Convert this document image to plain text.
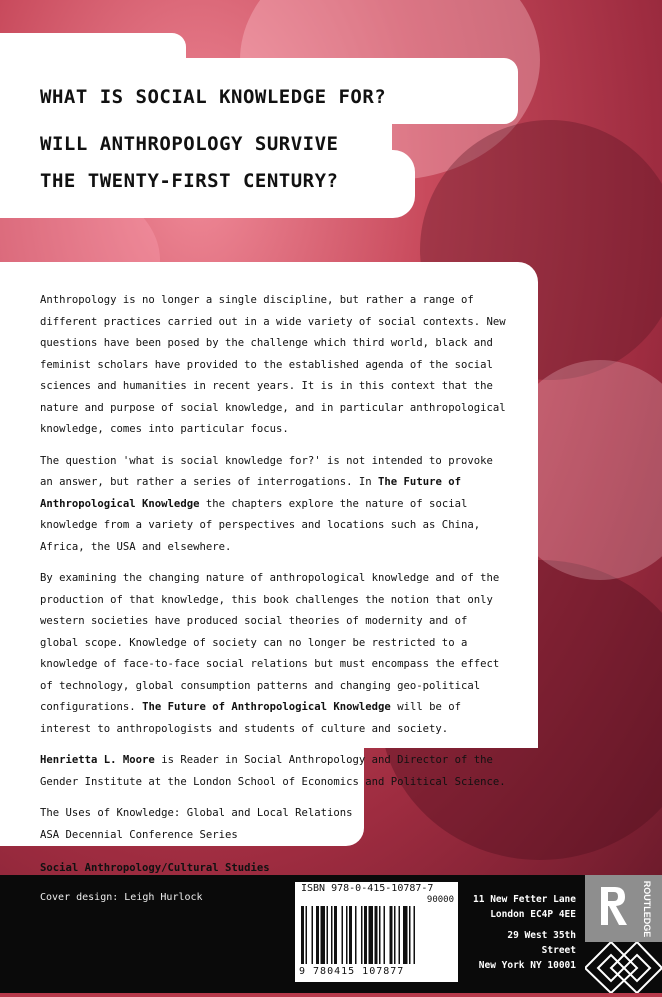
WHAT IS SOCIAL KNOWLEDGE FOR?
WILL ANTHROPOLOGY SURVIVE
THE TWENTY-FIRST CENTURY?

Anthropology is no longer a single discipline, but rather a range of different practices carried out in a wide variety of social contexts. New questions have been posed by the challenge which third world, black and feminist scholars have provided to the established agenda of the social sciences and humanities in recent years. It is in this context that the nature and purpose of social knowledge, and in particular anthropological knowledge, comes into particular focus.

The question 'what is social knowledge for?' is not intended to provoke an answer, but rather a series of interrogations. In The Future of Anthropological Knowledge the chapters explore the nature of social knowledge from a variety of perspectives and locations such as China, Africa, the USA and elsewhere.

By examining the changing nature of anthropological knowledge and of the production of that knowledge, this book challenges the notion that only western societies have produced social theories of modernity and of global scope. Knowledge of society can no longer be restricted to a knowledge of face-to-face social relations but must encompass the effect of technology, global consumption patterns and changing geo-political configurations. The Future of Anthropological Knowledge will be of interest to anthropologists and students of culture and society.

Henrietta L. Moore is Reader in Social Anthropology and Director of the Gender Institute at the London School of Economics and Political Science.

The Uses of Knowledge: Global and Local Relations
ASA Decennial Conference Series

Social Anthropology/Cultural Studies

Cover design: Leigh Hurlock
ISBN 978-0-415-10787-7
90000
9 780415 107877
11 New Fetter Lane
London EC4P 4EE
29 West 35th Street
New York NY 10001
ROUTLEDGE
